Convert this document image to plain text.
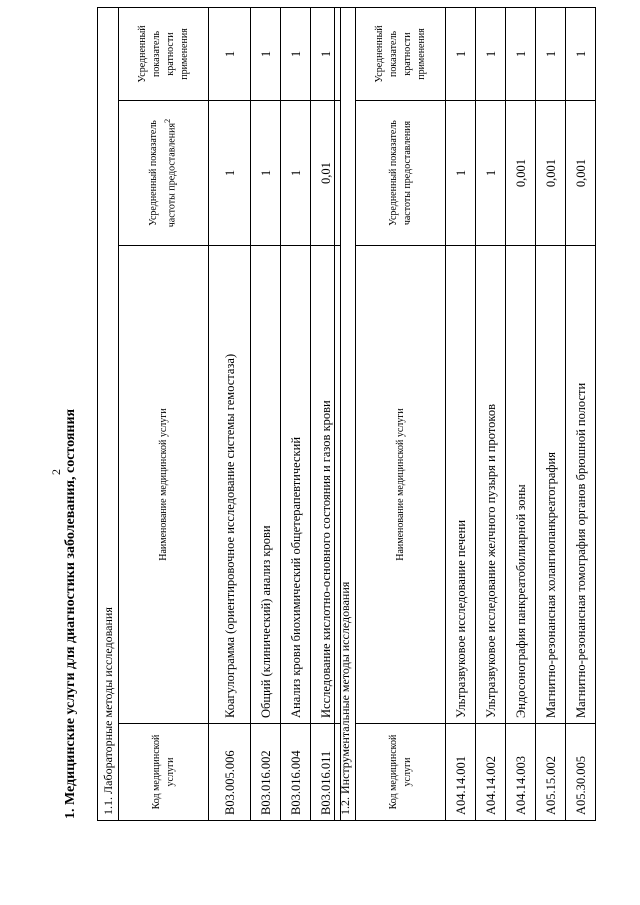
2 1. Медицинские услуги для диагностики заболевания, состояния 1.1. Лабораторные методы исследования			
Код медицинской услуги	Наименование медицинской услуги	Усредненный показатель частоты предоставления$^2$	Усредненный показатель кратности применения
B03.005.006	Коагулограмма (ориентировочное исследование системы гемостаза)	1	1
B03.016.002	Общий (клинический) анализ крови	1	1
B03.016.004	Анализ крови биохимический общетерапевтический	1	1
B03.016.011	Исследование кислотно-основного состояния и газов крови	0,01	1
1.2. Инструментальные методы исследования			
Код медицинской услуги	Наименование медицинской услуги	Усредненный показатель частоты предоставления	Усредненный показатель кратности применения
A04.14.001	Ультразвуковое исследование печени	1	1
A04.14.002	Ультразвуковое исследование желчного пузыря и протоков	1	1
A04.14.003	Эндосонография панкреатобилиарной зоны	0,001	1
A05.15.002	Магнитно-резонансная холангиопанкреатография	0,001	1
A05.30.005	Магнитно-резонансная томография органов брюшной полости	0,001	1
